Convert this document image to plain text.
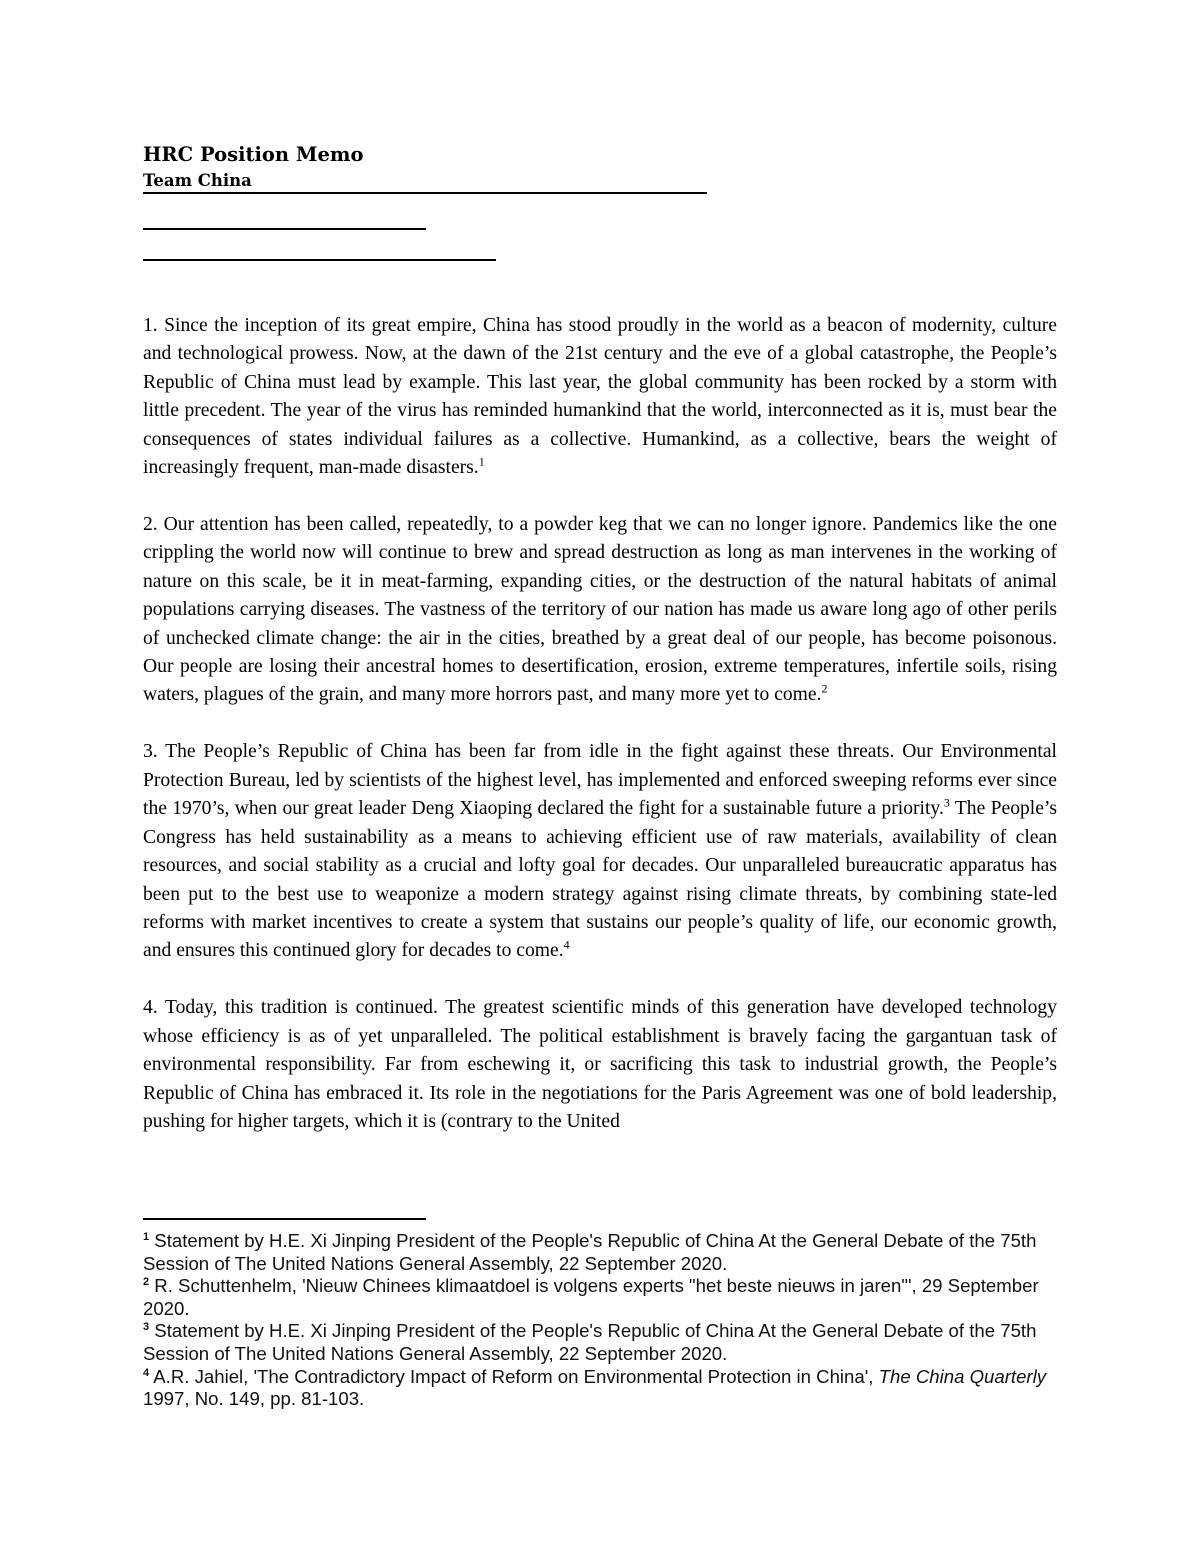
HRC Position Memo

Team China

1. Since the inception of its great empire, China has stood proudly in the world as a beacon of modernity, culture and technological prowess. Now, at the dawn of the 21st century and the eve of a global catastrophe, the People’s Republic of China must lead by example. This last year, the global community has been rocked by a storm with little precedent. The year of the virus has reminded humankind that the world, interconnected as it is, must bear the consequences of states individual failures as a collective. Humankind, as a collective, bears the weight of increasingly frequent, man-made disasters.$^1$

2. Our attention has been called, repeatedly, to a powder keg that we can no longer ignore. Pandemics like the one crippling the world now will continue to brew and spread destruction as long as man intervenes in the working of nature on this scale, be it in meat-farming, expanding cities, or the destruction of the natural habitats of animal populations carrying diseases. The vastness of the territory of our nation has made us aware long ago of other perils of unchecked climate change: the air in the cities, breathed by a great deal of our people, has become poisonous. Our people are losing their ancestral homes to desertification, erosion, extreme temperatures, infertile soils, rising waters, plagues of the grain, and many more horrors past, and many more yet to come.$^2$

3. The People’s Republic of China has been far from idle in the fight against these threats. Our Environmental Protection Bureau, led by scientists of the highest level, has implemented and enforced sweeping reforms ever since the 1970’s, when our great leader Deng Xiaoping declared the fight for a sustainable future a priority.$^3$ The People’s Congress has held sustainability as a means to achieving efficient use of raw materials, availability of clean resources, and social stability as a crucial and lofty goal for decades. Our unparalleled bureaucratic apparatus has been put to the best use to weaponize a modern strategy against rising climate threats, by combining state-led reforms with market incentives to create a system that sustains our people’s quality of life, our economic growth, and ensures this continued glory for decades to come.$^4$

4. Today, this tradition is continued. The greatest scientific minds of this generation have developed technology whose efficiency is as of yet unparalleled. The political establishment is bravely facing the gargantuan task of environmental responsibility. Far from eschewing it, or sacrificing this task to industrial growth, the People’s Republic of China has embraced it. Its role in the negotiations for the Paris Agreement was one of bold leadership, pushing for higher targets, which it is (contrary to the United

$^1$ Statement by H.E. Xi Jinping President of the People's Republic of China At the General Debate of the 75th Session of The United Nations General Assembly, 22 September 2020.

$^2$ R. Schuttenhelm, 'Nieuw Chinees klimaatdoel is volgens experts "het beste nieuws in jaren"', 29 September 2020.

$^3$ Statement by H.E. Xi Jinping President of the People's Republic of China At the General Debate of the 75th Session of The United Nations General Assembly, 22 September 2020.

$^4$ A.R. Jahiel, 'The Contradictory Impact of Reform on Environmental Protection in China', The China Quarterly 1997, No. 149, pp. 81-103.
